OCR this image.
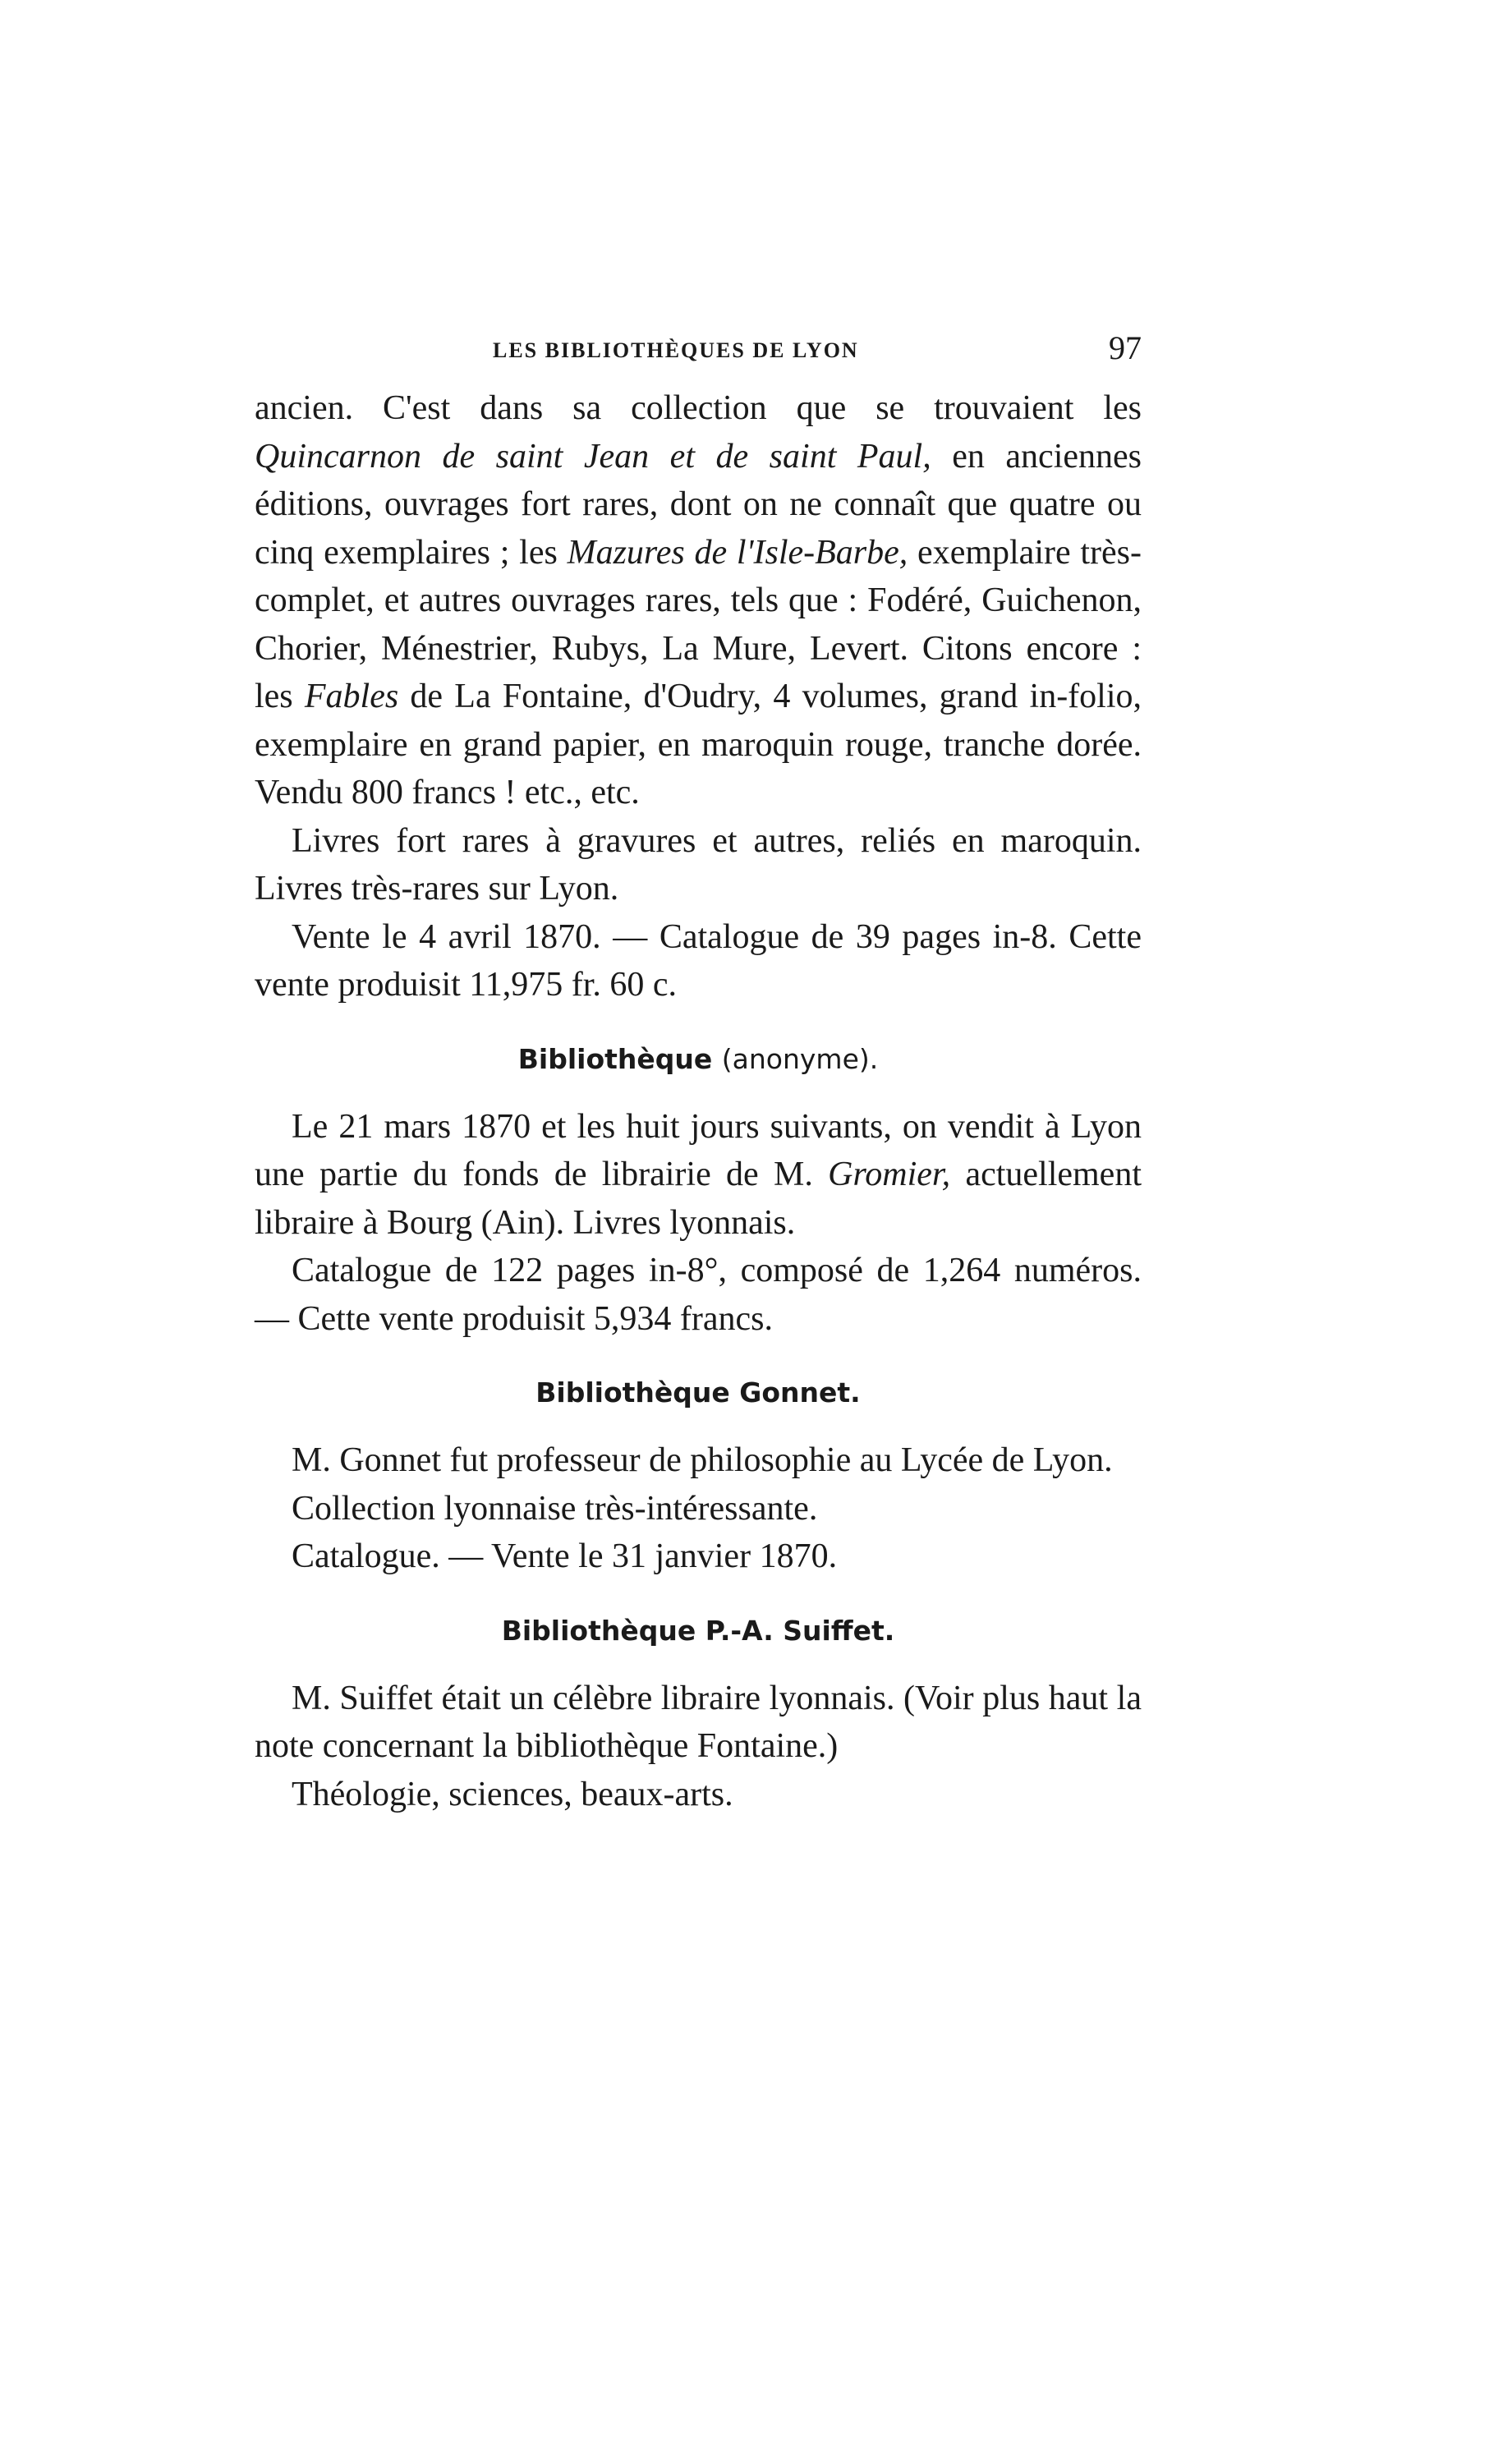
LES BIBLIOTHÈQUES DE LYON	97

ancien. C'est dans sa collection que se trouvaient les Quincarnon de saint Jean et de saint Paul, en anciennes éditions, ouvrages fort rares, dont on ne connaît que quatre ou cinq exemplaires ; les Mazures de l'Isle-Barbe, exemplaire très-complet, et autres ouvrages rares, tels que : Fodéré, Guichenon, Chorier, Ménestrier, Rubys, La Mure, Levert. Citons encore : les Fables de La Fontaine, d'Oudry, 4 volumes, grand in-folio, exemplaire en grand papier, en maroquin rouge, tranche dorée. Vendu 800 francs ! etc., etc.

Livres fort rares à gravures et autres, reliés en maroquin. Livres très-rares sur Lyon.

Vente le 4 avril 1870. — Catalogue de 39 pages in-8. Cette vente produisit 11,975 fr. 60 c.

Bibliothèque (anonyme).

Le 21 mars 1870 et les huit jours suivants, on vendit à Lyon une partie du fonds de librairie de M. Gromier, actuellement libraire à Bourg (Ain). Livres lyonnais.

Catalogue de 122 pages in-8°, composé de 1,264 numéros. — Cette vente produisit 5,934 francs.

Bibliothèque Gonnet.

M. Gonnet fut professeur de philosophie au Lycée de Lyon.

Collection lyonnaise très-intéressante.

Catalogue. — Vente le 31 janvier 1870.

Bibliothèque P.-A. Suiffet.

M. Suiffet était un célèbre libraire lyonnais. (Voir plus haut la note concernant la bibliothèque Fontaine.)

Théologie, sciences, beaux-arts.
